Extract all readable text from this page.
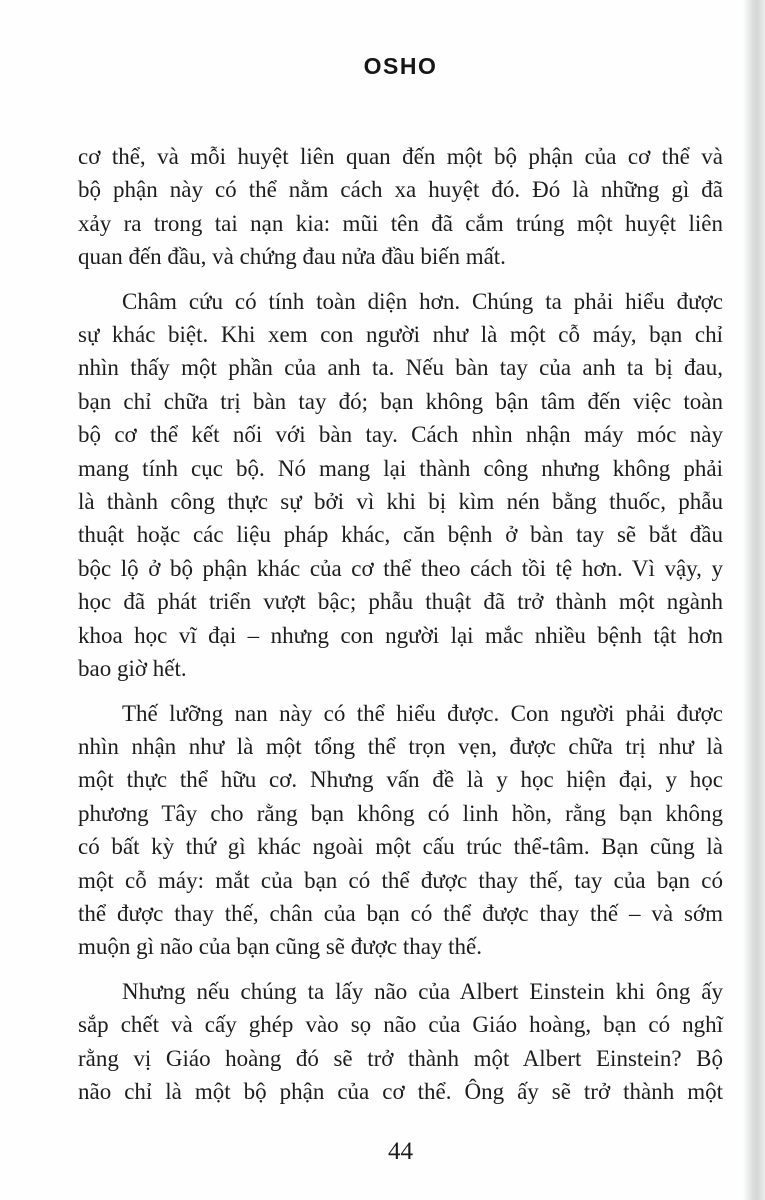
OSHO
cơ thể, và mỗi huyệt liên quan đến một bộ phận của cơ thể và
bộ phận này có thể nằm cách xa huyệt đó. Đó là những gì đã
xảy ra trong tai nạn kia: mũi tên đã cắm trúng một huyệt liên
quan đến đầu, và chứng đau nửa đầu biến mất.
Châm cứu có tính toàn diện hơn. Chúng ta phải hiểu được
sự khác biệt. Khi xem con người như là một cỗ máy, bạn chỉ
nhìn thấy một phần của anh ta. Nếu bàn tay của anh ta bị đau,
bạn chỉ chữa trị bàn tay đó; bạn không bận tâm đến việc toàn
bộ cơ thể kết nối với bàn tay. Cách nhìn nhận máy móc này
mang tính cục bộ. Nó mang lại thành công nhưng không phải
là thành công thực sự bởi vì khi bị kìm nén bằng thuốc, phẫu
thuật hoặc các liệu pháp khác, căn bệnh ở bàn tay sẽ bắt đầu
bộc lộ ở bộ phận khác của cơ thể theo cách tồi tệ hơn. Vì vậy, y
học đã phát triển vượt bậc; phẫu thuật đã trở thành một ngành
khoa học vĩ đại – nhưng con người lại mắc nhiều bệnh tật hơn
bao giờ hết.
Thế lưỡng nan này có thể hiểu được. Con người phải được
nhìn nhận như là một tổng thể trọn vẹn, được chữa trị như là
một thực thể hữu cơ. Nhưng vấn đề là y học hiện đại, y học
phương Tây cho rằng bạn không có linh hồn, rằng bạn không
có bất kỳ thứ gì khác ngoài một cấu trúc thể-tâm. Bạn cũng là
một cỗ máy: mắt của bạn có thể được thay thế, tay của bạn có
thể được thay thế, chân của bạn có thể được thay thế – và sớm
muộn gì não của bạn cũng sẽ được thay thế.
Nhưng nếu chúng ta lấy não của Albert Einstein khi ông ấy
sắp chết và cấy ghép vào sọ não của Giáo hoàng, bạn có nghĩ
rằng vị Giáo hoàng đó sẽ trở thành một Albert Einstein? Bộ
não chỉ là một bộ phận của cơ thể. Ông ấy sẽ trở thành một
44
